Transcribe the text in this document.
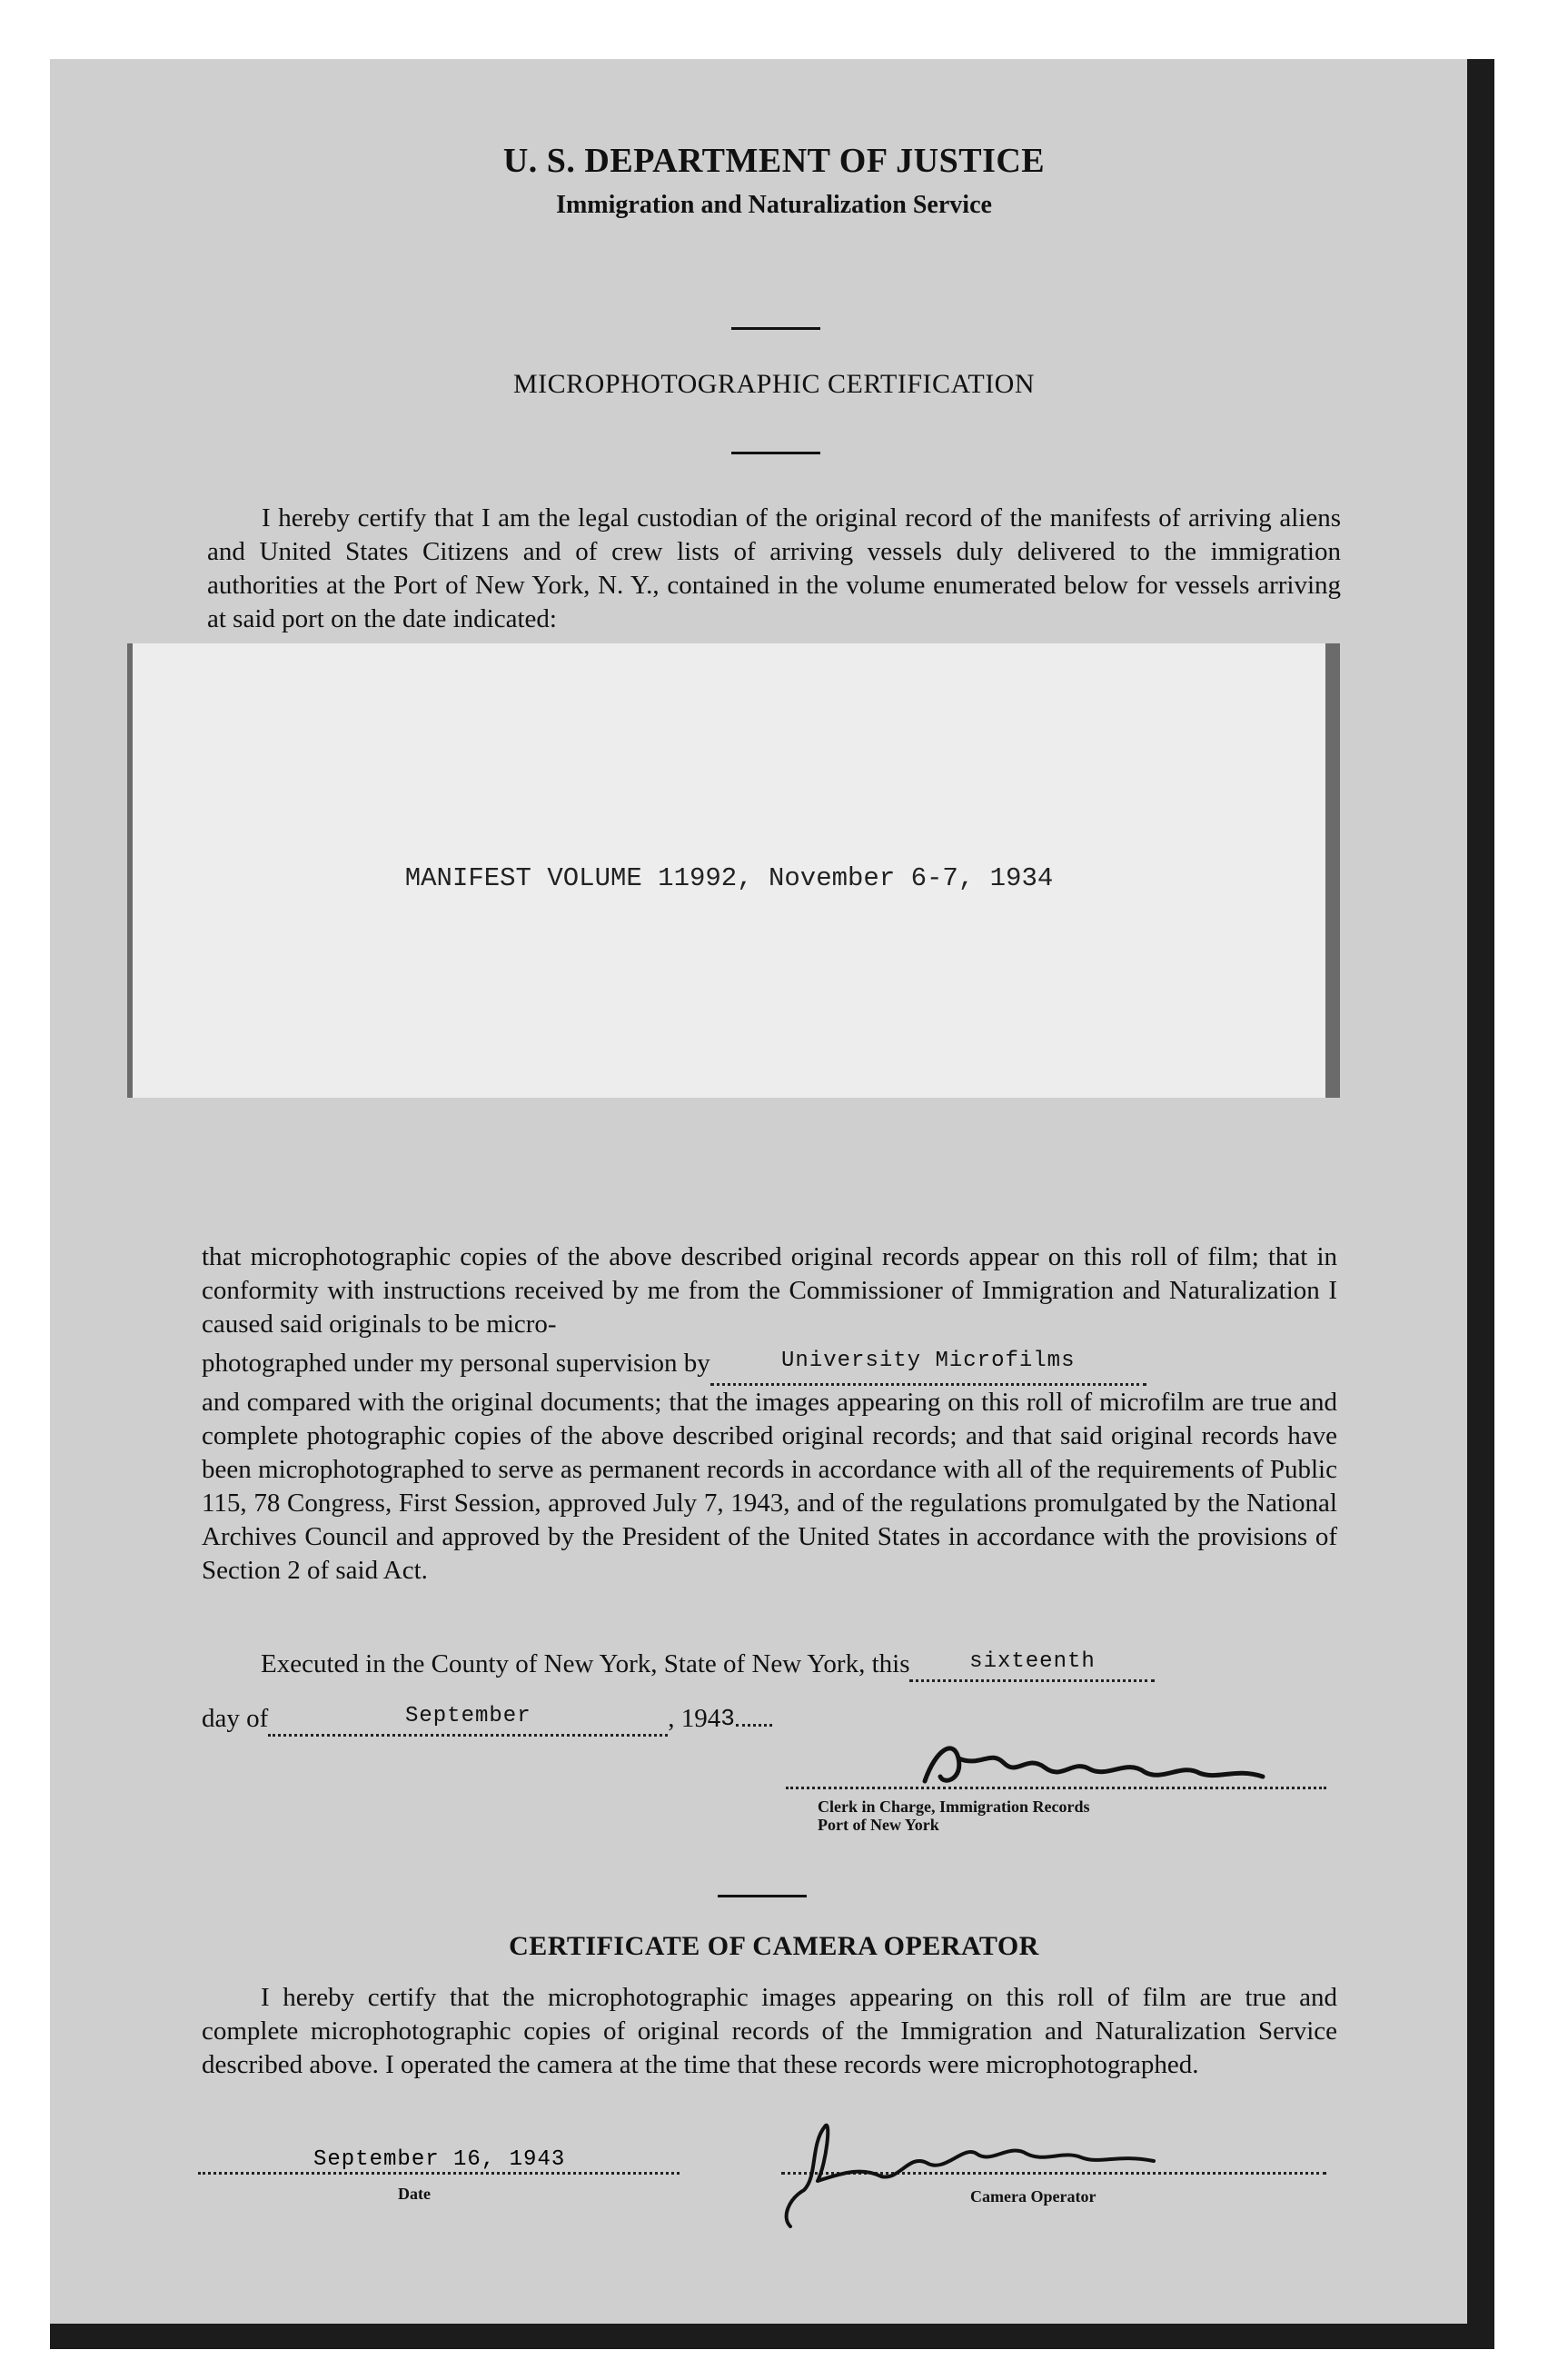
U. S. DEPARTMENT OF JUSTICE
Immigration and Naturalization Service
MICROPHOTOGRAPHIC CERTIFICATION

I hereby certify that I am the legal custodian of the original record of the manifests of arriving aliens and United States Citizens and of crew lists of arriving vessels duly delivered to the immigration authorities at the Port of New York, N. Y., contained in the volume enumerated below for vessels arriving at said port on the date indicated:

MANIFEST VOLUME 11992, November 6-7, 1934

that microphotographic copies of the above described original records appear on this roll of film; that in conformity with instructions received by me from the Commissioner of Immigration and Naturalization I caused said originals to be micro-

photographed under my personal supervision by	$^{University Microfilms}$

and compared with the original documents; that the images appearing on this roll of microfilm are true and complete photographic copies of the above described original records; and that said original records have been microphotographed to serve as permanent records in accordance with all of the requirements of Public 115, 78 Congress, First Session, approved July 7, 1943, and of the regulations promulgated by the National Archives Council and approved by the President of the United States in accordance with the provisions of Section 2 of said Act.

Executed in the County of New York, State of New York, this	$^{sixteenth}$
day of	$^{September}$	, 1943
Clerk in Charge, Immigration Records
Port of New York
CERTIFICATE OF CAMERA OPERATOR

I hereby certify that the microphotographic images appearing on this roll of film are true and complete microphotographic copies of original records of the Immigration and Naturalization Service described above. I operated the camera at the time that these records were microphotographed.

September 16, 1943
Date	Camera Operator
